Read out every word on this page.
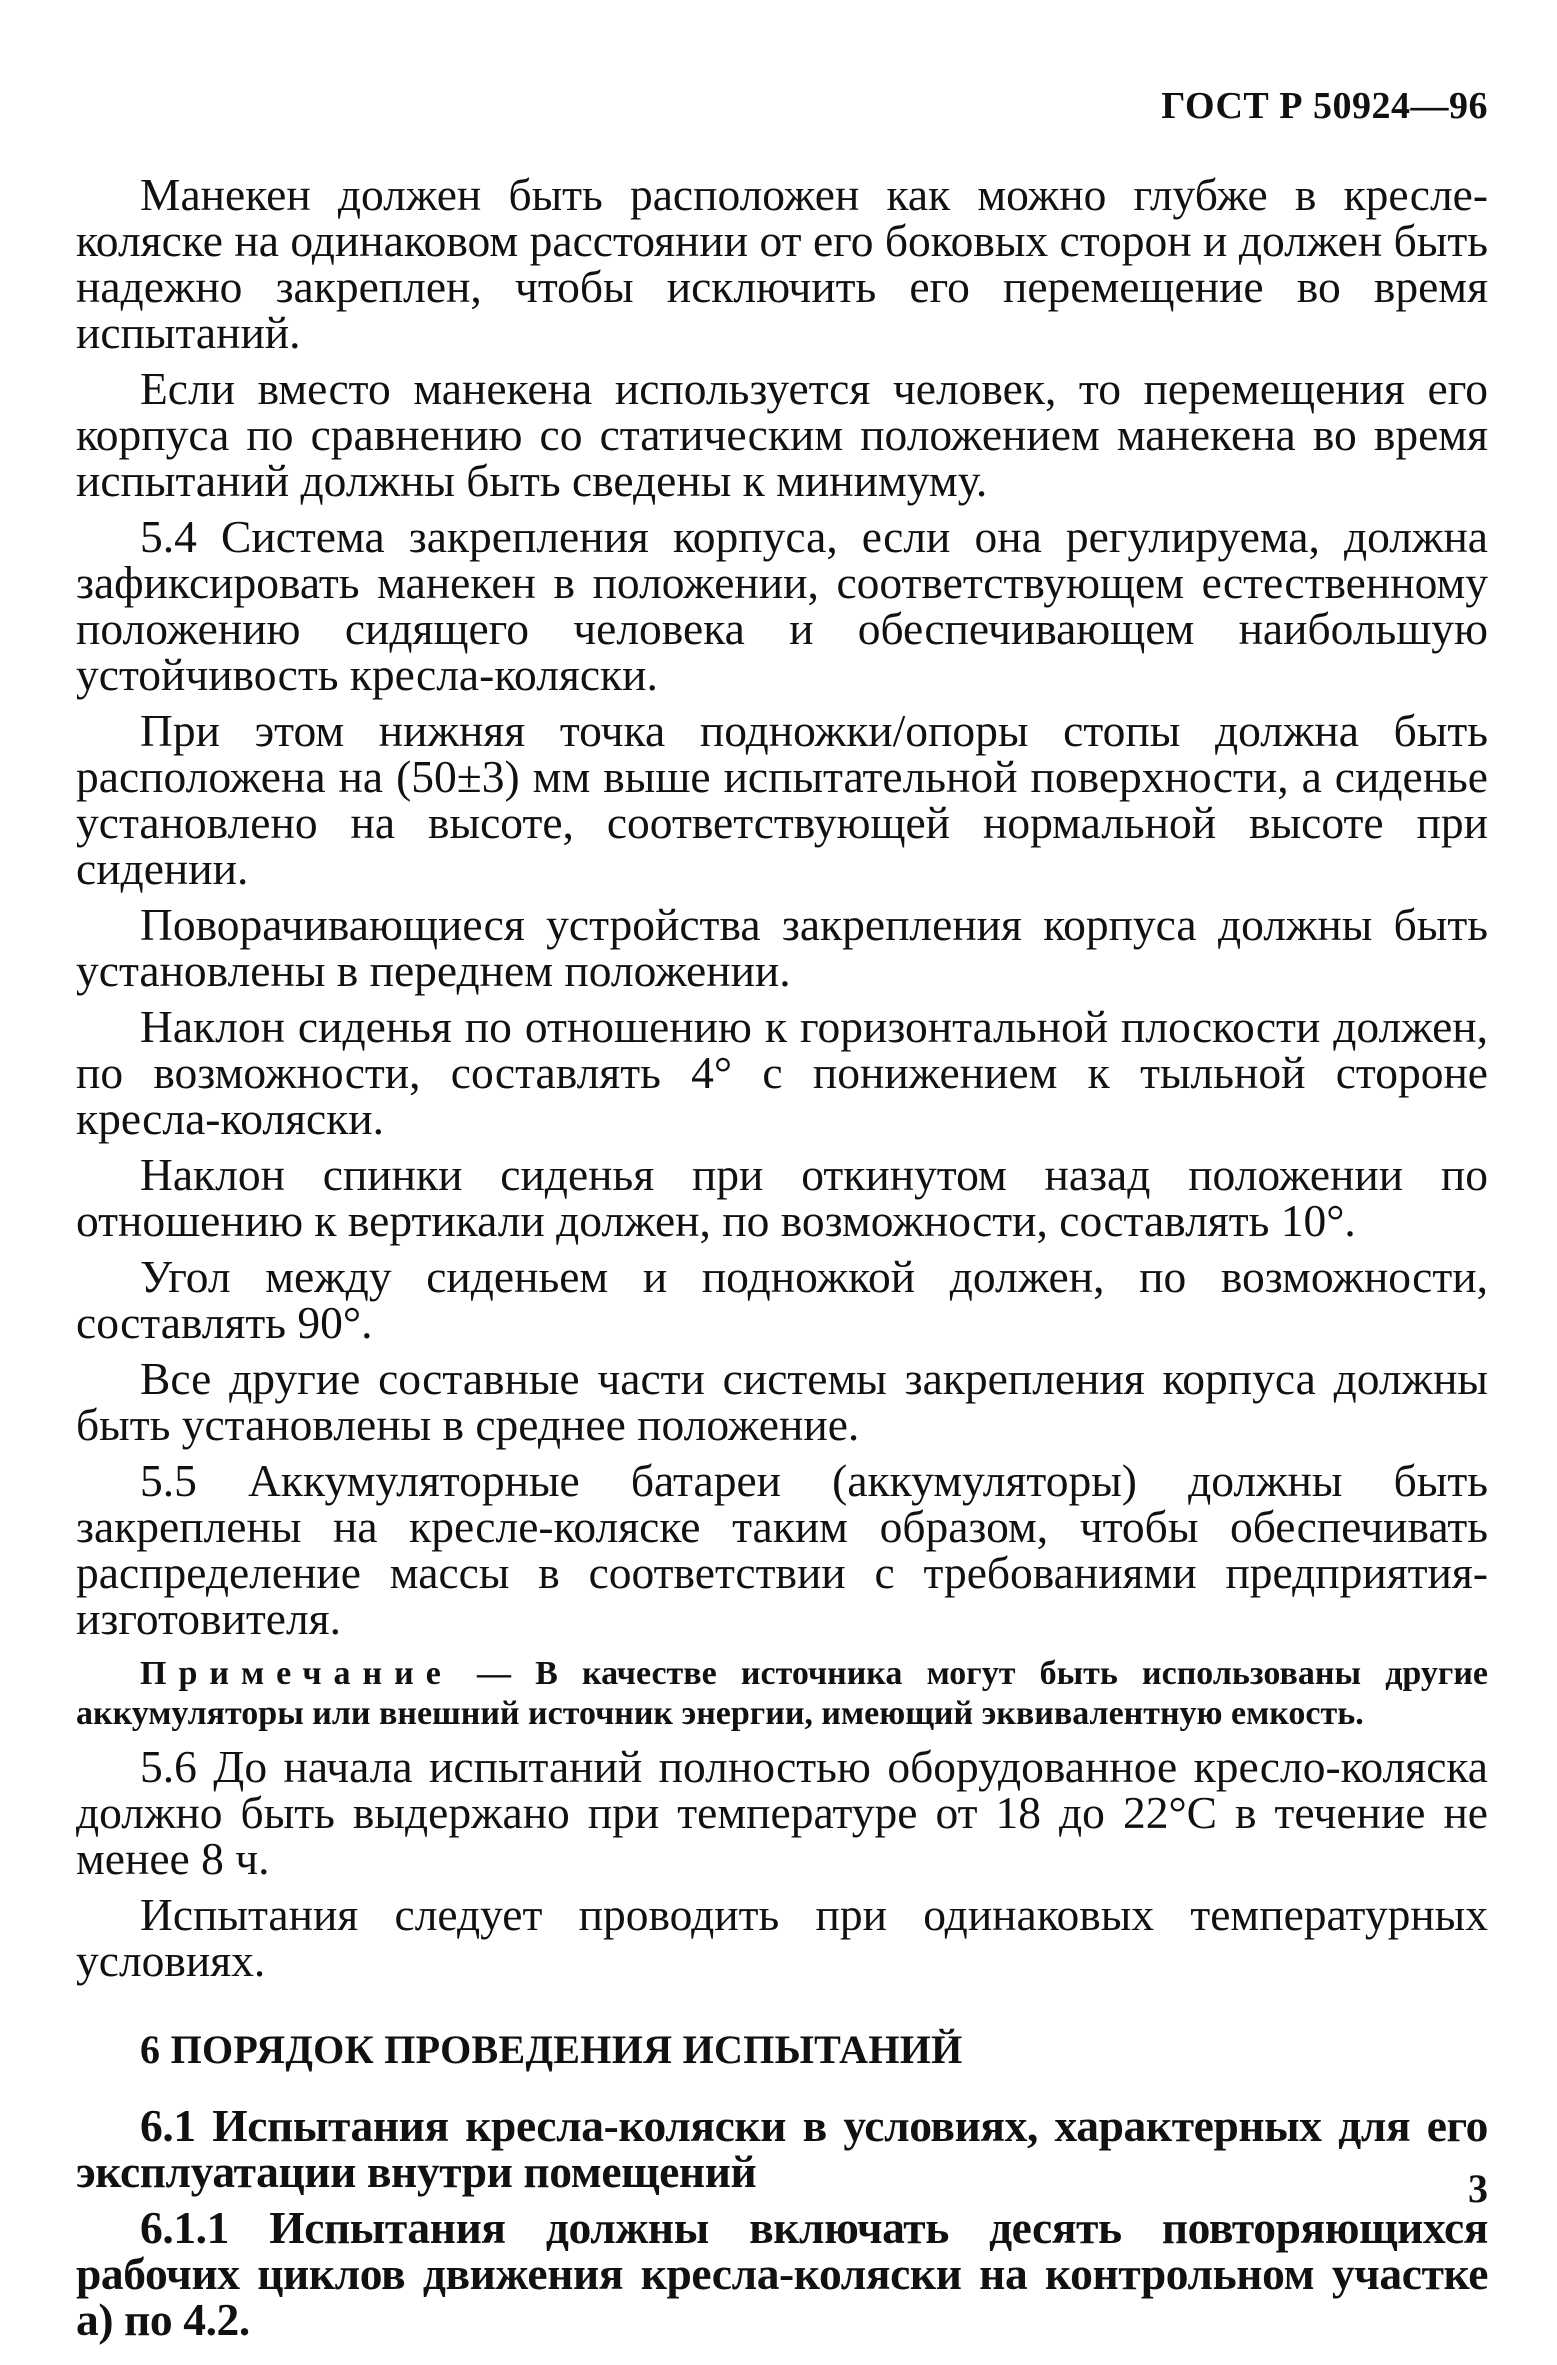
ГОСТ Р 50924—96

Манекен должен быть расположен как можно глубже в кресле-коляске на одинаковом расстоянии от его боковых сторон и должен быть надежно закреплен, чтобы исключить его перемещение во время испытаний.

Если вместо манекена используется человек, то перемещения его корпуса по сравнению со статическим положением манекена во время испытаний должны быть сведены к минимуму.

5.4 Система закрепления корпуса, если она регулируема, должна зафиксировать манекен в положении, соответствующем естественному положению сидящего человека и обеспечивающем наибольшую устойчивость кресла-коляски.

При этом нижняя точка подножки/опоры стопы должна быть расположена на (50±3) мм выше испытательной поверхности, а сиденье установлено на высоте, соответствующей нормальной высоте при сидении.

Поворачивающиеся устройства закрепления корпуса должны быть установлены в переднем положении.

Наклон сиденья по отношению к горизонтальной плоскости должен, по возможности, составлять 4° с понижением к тыльной стороне кресла-коляски.

Наклон спинки сиденья при откинутом назад положении по отношению к вертикали должен, по возможности, составлять 10°.

Угол между сиденьем и подножкой должен, по возможности, составлять 90°.

Все другие составные части системы закрепления корпуса должны быть установлены в среднее положение.

5.5 Аккумуляторные батареи (аккумуляторы) должны быть закреплены на кресле-коляске таким образом, чтобы обеспечивать распределение массы в соответствии с требованиями предприятия-изготовителя.

Примечание — В качестве источника могут быть использованы другие аккумуляторы или внешний источник энергии, имеющий эквивалентную емкость.

5.6 До начала испытаний полностью оборудованное кресло-коляска должно быть выдержано при температуре от 18 до 22°С в течение не менее 8 ч.

Испытания следует проводить при одинаковых температурных условиях.

6 ПОРЯДОК ПРОВЕДЕНИЯ ИСПЫТАНИЙ

6.1 Испытания кресла-коляски в условиях, характерных для его эксплуатации внутри помещений

6.1.1 Испытания должны включать десять повторяющихся рабочих циклов движения кресла-коляски на контрольном участке а) по 4.2.

3
